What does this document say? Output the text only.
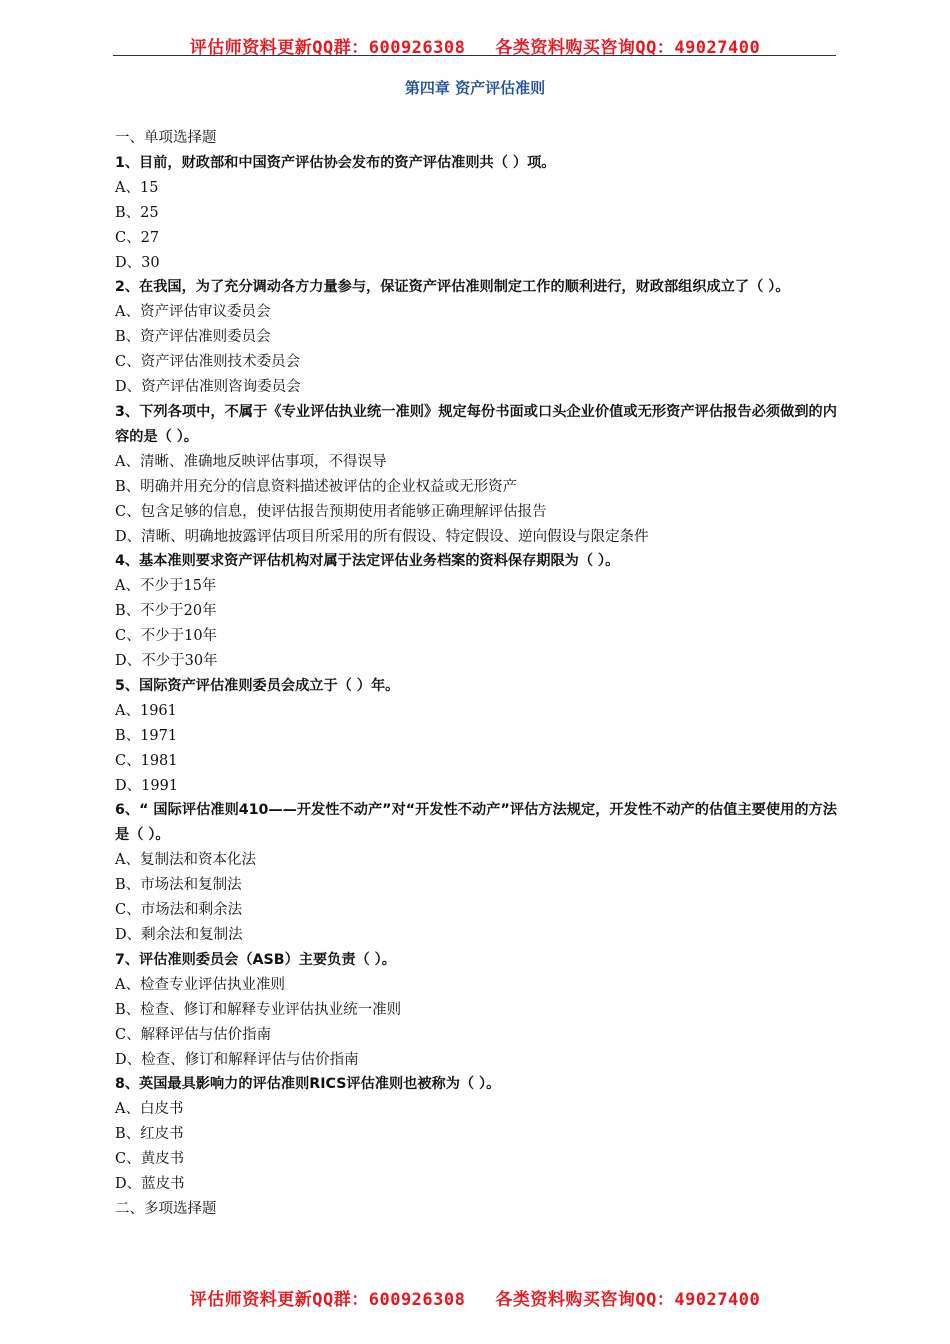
评估师资料更新QQ群：600926308 各类资料购买咨询QQ：49027400
第四章 资产评估准则
一、单项选择题
1、目前，财政部和中国资产评估协会发布的资产评估准则共（ ）项。
A、15
B、25
C、27
D、30
2、在我国，为了充分调动各方力量参与，保证资产评估准则制定工作的顺利进行，财政部组织成立了（ ）。
A、资产评估审议委员会
B、资产评估准则委员会
C、资产评估准则技术委员会
D、资产评估准则咨询委员会
3、下列各项中，不属于《专业评估执业统一准则》规定每份书面或口头企业价值或无形资产评估报告必须做到的内容的是（ ）。
A、清晰、准确地反映评估事项，不得误导
B、明确并用充分的信息资料描述被评估的企业权益或无形资产
C、包含足够的信息，使评估报告预期使用者能够正确理解评估报告
D、清晰、明确地披露评估项目所采用的所有假设、特定假设、逆向假设与限定条件
4、基本准则要求资产评估机构对属于法定评估业务档案的资料保存期限为（ ）。
A、不少于15年
B、不少于20年
C、不少于10年
D、不少于30年
5、国际资产评估准则委员会成立于（ ）年。
A、1961
B、1971
C、1981
D、1991
6、“ 国际评估准则410——开发性不动产”对“开发性不动产”评估方法规定，开发性不动产的估值主要使用的方法是（ ）。
A、复制法和资本化法
B、市场法和复制法
C、市场法和剩余法
D、剩余法和复制法
7、评估准则委员会（ASB）主要负责（ ）。
A、检查专业评估执业准则
B、检查、修订和解释专业评估执业统一准则
C、解释评估与估价指南
D、检查、修订和解释评估与估价指南
8、英国最具影响力的评估准则RICS评估准则也被称为（ ）。
A、白皮书
B、红皮书
C、黄皮书
D、蓝皮书
二、多项选择题
评估师资料更新QQ群：600926308 各类资料购买咨询QQ：49027400
